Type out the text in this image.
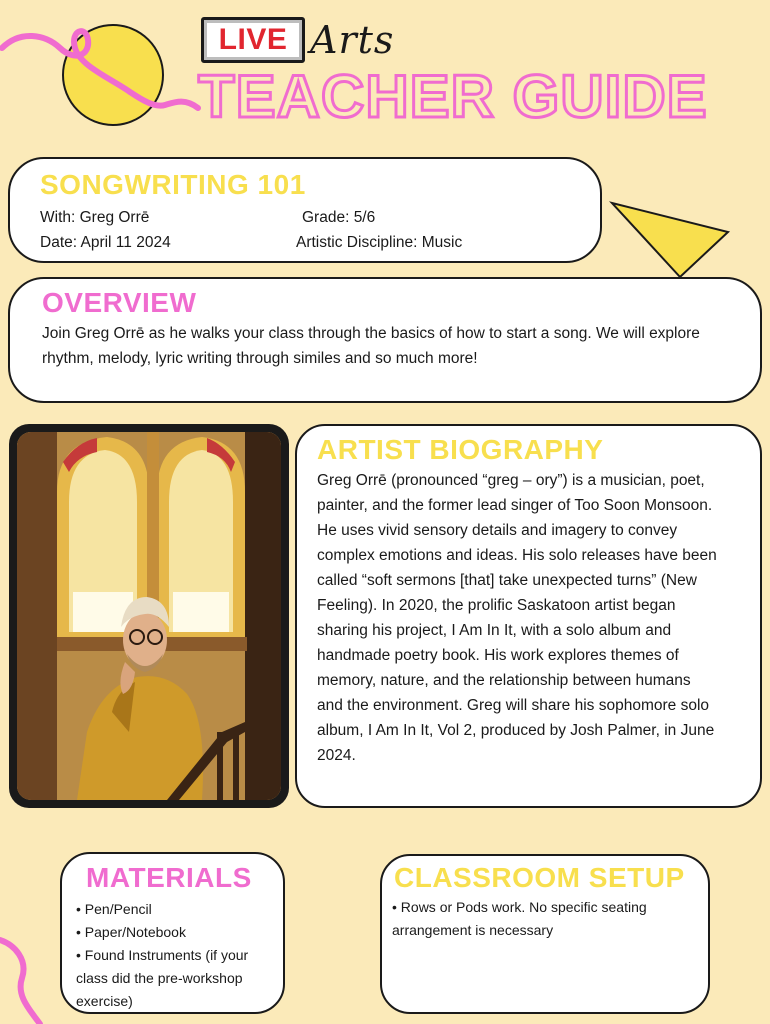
LIVE Arts
TEACHER GUIDE
SONGWRITING 101
With: Greg Orrē	Grade: 5/6
Date: April 11 2024	Artistic Discipline: Music
OVERVIEW
Join Greg Orrē as he walks your class through the basics of how to start a song. We will explore
rhythm, melody, lyric writing through similes and so much more!
ARTIST BIOGRAPHY
Greg Orrē (pronounced “greg – ory”) is a musician, poet,
painter, and the former lead singer of Too Soon Monsoon.
He uses vivid sensory details and imagery to convey
complex emotions and ideas. His solo releases have been
called “soft sermons [that] take unexpected turns” (New
Feeling). In 2020, the prolific Saskatoon artist began
sharing his project, I Am In It, with a solo album and
handmade poetry book. His work explores themes of
memory, nature, and the relationship between humans
and the environment. Greg will share his sophomore solo
album, I Am In It, Vol 2, produced by Josh Palmer, in June
2024.
MATERIALS
• Pen/Pencil
• Paper/Notebook
• Found Instruments (if your
class did the pre-workshop
exercise)
CLASSROOM SETUP
• Rows or Pods work. No specific seating
arrangement is necessary
